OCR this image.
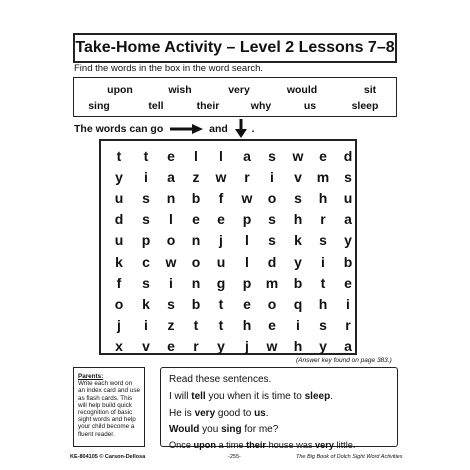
Take-Home Activity – Level 2 Lessons 7–8
Find the words in the box in the word search.
upon	wish	very	would	sit
sing	tell	their	why	us	sleep
The words can go	and .
t	t	e	l	l	a	s	w	e	d
y	i	a	z	w	r	i	v	m	s
u	s	n	b	f	w	o	s	h	u
d	s	l	e	e	p	s	h	r	a
u	p	o	n	j	l	s	k	s	y
k	c	w	o	u	l	d	y	i	b
f	s	i	n	g	p	m	b	t	e
o	k	s	b	t	e	o	q	h	i
j	i	z	t	t	h	e	i	s	r
x	v	e	r	y	j	w	h	y	a
(Answer key found on page 383.)
Parents:
Write each word on an index card and use as flash cards. This will help build quick recognition of basic sight words and help your child become a fluent reader.
Read these sentences.
I will tell you when it is time to sleep.
He is very good to us.
Would you sing for me?
Once upon a time their house was very little.
KE-804105 © Carson-Dellosa	-255-	The Big Book of Dolch Sight Word Activities
